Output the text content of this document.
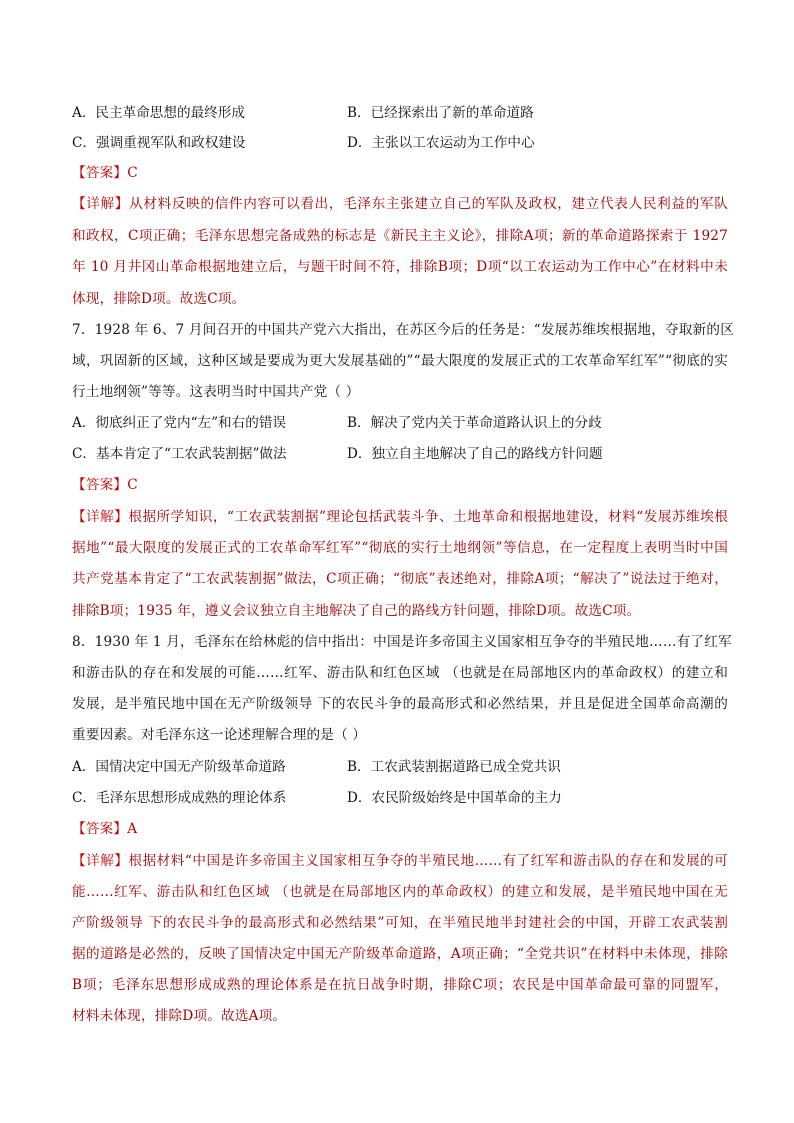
A．民主革命思想的最终形成	B．已经探索出了新的革命道路
C．强调重视军队和政权建设	D．主张以工农运动为工作中心
【答案】C
【详解】从材料反映的信件内容可以看出，毛泽东主张建立自己的军队及政权，建立代表人民利益的军队
和政权，C项正确；毛泽东思想完备成熟的标志是《新民主主义论》，排除A项；新的革命道路探索于 1927
年 10 月井冈山革命根据地建立后，与题干时间不符，排除B项；D项“以工农运动为工作中心”在材料中未
体现，排除D项。故选C项。
7．1928 年 6、7 月间召开的中国共产党六大指出，在苏区今后的任务是：“发展苏维埃根据地，夺取新的区
域，巩固新的区域，这种区域是要成为更大发展基础的”“最大限度的发展正式的工农革命军红军”“彻底的实
行土地纲领”等等。这表明当时中国共产党（ ）
A．彻底纠正了党内“左”和右的错误	B．解决了党内关于革命道路认识上的分歧
C．基本肯定了“工农武装割据”做法	D．独立自主地解决了自己的路线方针问题
【答案】C
【详解】根据所学知识，“工农武装割据”理论包括武装斗争、土地革命和根据地建设，材料“发展苏维埃根
据地”“最大限度的发展正式的工农革命军红军”“彻底的实行土地纲领”等信息，在一定程度上表明当时中国
共产党基本肯定了“工农武装割据”做法，C项正确；“彻底”表述绝对，排除A项；“解决了”说法过于绝对，
排除B项；1935 年，遵义会议独立自主地解决了自己的路线方针问题，排除D项。故选C项。
8．1930 年 1 月，毛泽东在给林彪的信中指出：中国是许多帝国主义国家相互争夺的半殖民地……有了红军
和游击队的存在和发展的可能……红军、游击队和红色区域 （也就是在局部地区内的革命政权）的建立和
发展，是半殖民地中国在无产阶级领导 下的农民斗争的最高形式和必然结果，并且是促进全国革命高潮的
重要因素。对毛泽东这一论述理解合理的是（ ）
A．国情决定中国无产阶级革命道路	B．工农武装割据道路已成全党共识
C．毛泽东思想形成成熟的理论体系	D．农民阶级始终是中国革命的主力
【答案】A
【详解】根据材料“中国是许多帝国主义国家相互争夺的半殖民地……有了红军和游击队的存在和发展的可
能……红军、游击队和红色区域 （也就是在局部地区内的革命政权）的建立和发展，是半殖民地中国在无
产阶级领导 下的农民斗争的最高形式和必然结果”可知，在半殖民地半封建社会的中国，开辟工农武装割
据的道路是必然的，反映了国情决定中国无产阶级革命道路，A项正确；“全党共识”在材料中未体现，排除
B项；毛泽东思想形成成熟的理论体系是在抗日战争时期，排除C项；农民是中国革命最可靠的同盟军，
材料未体现，排除D项。故选A项。
